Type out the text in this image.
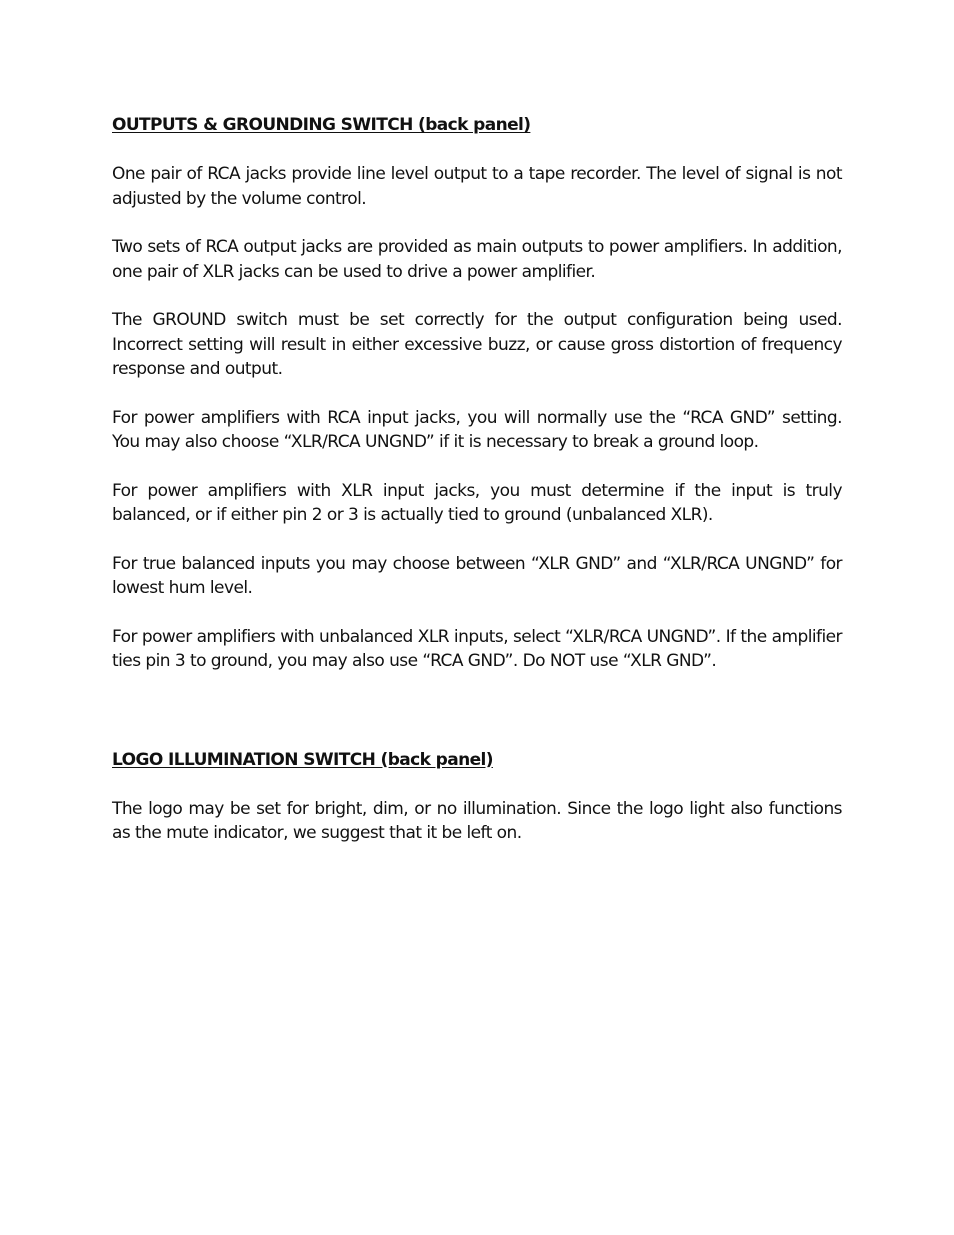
OUTPUTS & GROUNDING SWITCH (back panel)

One pair of RCA jacks provide line level output to a tape recorder. The level of signal is not adjusted by the volume control.

Two sets of RCA output jacks are provided as main outputs to power amplifiers. In addition, one pair of XLR jacks can be used to drive a power amplifier.

The GROUND switch must be set correctly for the output configuration being used. Incorrect setting will result in either excessive buzz, or cause gross distortion of frequency response and output.

For power amplifiers with RCA input jacks, you will normally use the “RCA GND” setting. You may also choose “XLR/RCA UNGND” if it is necessary to break a ground loop.

For power amplifiers with XLR input jacks, you must determine if the input is truly balanced, or if either pin 2 or 3 is actually tied to ground (unbalanced XLR).

For true balanced inputs you may choose between “XLR GND” and “XLR/RCA UNGND” for lowest hum level.

For power amplifiers with unbalanced XLR inputs, select “XLR/RCA UNGND”. If the amplifier ties pin 3 to ground, you may also use “RCA GND”. Do NOT use “XLR GND”.

LOGO ILLUMINATION SWITCH (back panel)

The logo may be set for bright, dim, or no illumination. Since the logo light also functions as the mute indicator, we suggest that it be left on.
